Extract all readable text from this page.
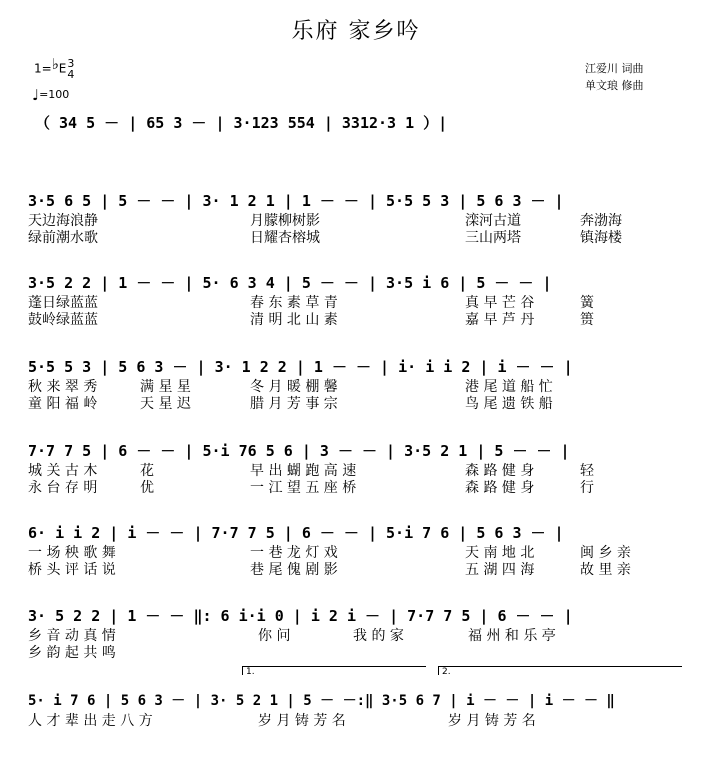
乐府 家乡吟
1=♭E 3
4
♩=100
江爱川 词曲
单文琅 修曲
（ 34 5 － | 65 3 － | 3·123 554 | 3312·3 1 ）|
3·5 6 5 | 5 － － | 3· 1 2 1 | 1 － － | 5·5 5 3 | 5 6 3 － |
天边海浪静	月朦柳树影	滦河古道	奔渤海
绿前潮水歌	日耀杏榕城	三山两塔	镇海楼
3·5 2 2 | 1 － － | 5· 6 3 4 | 5 － － | 3·5 i 6 | 5 － － |
蓬日绿蓝蓝	春 东 素 草 青	真 早 芒 谷	簧
鼓岭绿蓝蓝	清 明 北 山 素	嘉 早 芦 丹	篑
5·5 5 3 | 5 6 3 － | 3· 1 2 2 | 1 － － | i· i i 2 | i － － |
秋 来 翠 秀	满 星 星	冬 月 暖 棚 馨	港 尾 道 船 忙
童 阳 福 岭	天 星 迟	腊 月 芳 事 宗	鸟 尾 遗 铁 船
7·7 7 5 | 6 － － | 5·i 76 5 6 | 3 － － | 3·5 2 1 | 5 － － |
城 关 古 木	花	早 出 蝴 跑 高 速	森 路 健 身	轻
永 台 存 明	优	一 江 望 五 座 桥	森 路 健 身	行
6· i i 2 | i － － | 7·7 7 5 | 6 － － | 5·i 7 6 | 5 6 3 － |
一 场 秧 歌 舞	一 巷 龙 灯 戏	天 南 地 北	闽 乡 亲
桥 头 评 话 说	巷 尾 傀 剧 影	五 湖 四 海	故 里 亲
3· 5 2 2 | 1 － － ‖: 6 i·i 0 | i 2 i － | 7·7 7 5 | 6 － － |
乡 音 动 真 情	你 问	我 的 家	福 州 和 乐 亭
乡 韵 起 共 鸣
1.	2.
5· i 7 6 | 5 6 3 － | 3· 5 2 1 | 5 － －:‖ 3·5 6 7 | i － － | i － － ‖
人 才 辈 出 走 八 方	岁 月 铸 芳 名	岁 月 铸 芳 名
